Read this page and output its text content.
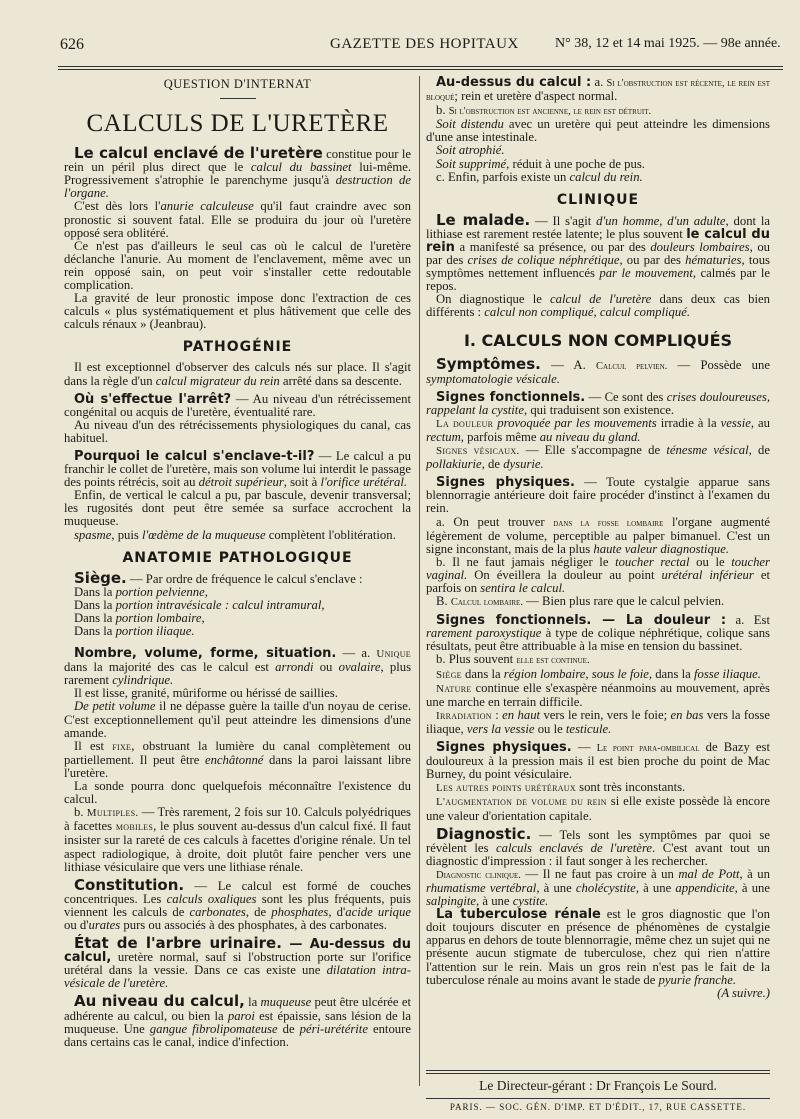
626	GAZETTE DES HOPITAUX	N° 38, 12 et 14 mai 1925. — 98e année.
QUESTION D'INTERNAT
CALCULS DE L'URETÈRE

Le calcul enclavé de l'uretère constitue pour le rein un péril plus direct que le calcul du bassinet lui-même. Progressivement s'atrophie le parenchyme jusqu'à destruction de l'organe.

C'est dès lors l'anurie calculeuse qu'il faut craindre avec son pronostic si souvent fatal. Elle se produira du jour où l'uretère opposé sera oblitéré.

Ce n'est pas d'ailleurs le seul cas où le calcul de l'uretère déclanche l'anurie. Au moment de l'enclavement, même avec un rein opposé sain, on peut voir s'installer cette redoutable complication.

La gravité de leur pronostic impose donc l'extraction de ces calculs « plus systématiquement et plus hâtivement que celle des calculs rénaux » (Jeanbrau).

PATHOGÉNIE

Il est exceptionnel d'observer des calculs nés sur place. Il s'agit dans la règle d'un calcul migrateur du rein arrêté dans sa descente.

Où s'effectue l'arrêt? — Au niveau d'un rétrécissement congénital ou acquis de l'uretère, éventualité rare.

Au niveau d'un des rétrécissements physiologiques du canal, cas habituel.

Pourquoi le calcul s'enclave-t-il? — Le calcul a pu franchir le collet de l'uretère, mais son volume lui interdit le passage des points rétrécis, soit au détroit supérieur, soit à l'orifice urétéral.

Enfin, de vertical le calcul a pu, par bascule, devenir transversal; les rugosités dont peut être semée sa surface accrochent la muqueuse.

spasme, puis l'œdème de la muqueuse complètent l'oblitération.

ANATOMIE PATHOLOGIQUE

Siège. — Par ordre de fréquence le calcul s'enclave :

Dans la portion pelvienne,

Dans la portion intravésicale : calcul intramural,

Dans la portion lombaire,

Dans la portion iliaque.

Nombre, volume, forme, situation. — a. Unique dans la majorité des cas le calcul est arrondi ou ovalaire, plus rarement cylindrique.

Il est lisse, granité, mûriforme ou hérissé de saillies.

De petit volume il ne dépasse guère la taille d'un noyau de cerise. C'est exceptionnellement qu'il peut atteindre les dimensions d'une amande.

Il est fixe, obstruant la lumière du canal complètement ou partiellement. Il peut être enchâtonné dans la paroi laissant libre l'uretère.

La sonde pourra donc quelquefois méconnaître l'existence du calcul.

b. Multiples. — Très rarement, 2 fois sur 10. Calculs polyédriques à facettes mobiles, le plus souvent au-dessus d'un calcul fixé. Il faut insister sur la rareté de ces calculs à facettes d'origine rénale. Un tel aspect radiologique, à droite, doit plutôt faire pencher vers une lithiase vésiculaire que vers une lithiase rénale.

Constitution. — Le calcul est formé de couches concentriques. Les calculs oxaliques sont les plus fréquents, puis viennent les calculs de carbonates, de phosphates, d'acide urique ou d'urates purs ou associés à des phosphates, à des carbonates.

État de l'arbre urinaire. — Au-dessus du calcul, uretère normal, sauf si l'obstruction porte sur l'orifice urétéral dans la vessie. Dans ce cas existe une dilatation intra-vésicale de l'uretère.

Au niveau du calcul, la muqueuse peut être ulcérée et adhérente au calcul, ou bien la paroi est épaissie, sans lésion de la muqueuse. Une gangue fibrolipomateuse de péri-urétérite entoure dans certains cas le canal, indice d'infection.

Au-dessus du calcul : a. Si l'obstruction est récente, le rein est bloqué; rein et uretère d'aspect normal.

b. Si l'obstruction est ancienne, le rein est détruit.

Soit distendu avec un uretère qui peut atteindre les dimensions d'une anse intestinale.

Soit atrophié.

Soit supprimé, réduit à une poche de pus.

c. Enfin, parfois existe un calcul du rein.

CLINIQUE

Le malade. — Il s'agit d'un homme, d'un adulte, dont la lithiase est rarement restée latente; le plus souvent le calcul du rein a manifesté sa présence, ou par des douleurs lombaires, ou par des crises de colique néphrétique, ou par des hématuries, tous symptômes nettement influencés par le mouvement, calmés par le repos.

On diagnostique le calcul de l'uretère dans deux cas bien différents : calcul non compliqué, calcul compliqué.

I. CALCULS NON COMPLIQUÉS

Symptômes. — A. Calcul pelvien. — Possède une symptomatologie vésicale.

Signes fonctionnels. — Ce sont des crises douloureuses, rappelant la cystite, qui traduisent son existence.

La douleur provoquée par les mouvements irradie à la vessie, au rectum, parfois même au niveau du gland.

Signes vésicaux. — Elle s'accompagne de ténesme vésical, de pollakiurie, de dysurie.

Signes physiques. — Toute cystalgie apparue sans blennorragie antérieure doit faire procéder d'instinct à l'examen du rein.

a. On peut trouver dans la fosse lombaire l'organe augmenté légèrement de volume, perceptible au palper bimanuel. C'est un signe inconstant, mais de la plus haute valeur diagnostique.

b. Il ne faut jamais négliger le toucher rectal ou le toucher vaginal. On éveillera la douleur au point urétéral inférieur et parfois on sentira le calcul.

B. Calcul lombaire. — Bien plus rare que le calcul pelvien.

Signes fonctionnels. — La douleur : a. Est rarement paroxystique à type de colique néphrétique, colique sans résultats, peut être attribuable à la mise en tension du bassinet.

b. Plus souvent elle est continue.

Siège dans la région lombaire, sous le foie, dans la fosse iliaque.

Nature continue elle s'exaspère néanmoins au mouvement, après une marche en terrain difficile.

Irradiation : en haut vers le rein, vers le foie; en bas vers la fosse iliaque, vers la vessie ou le testicule.

Signes physiques. — Le point para-ombilical de Bazy est douloureux à la pression mais il est bien proche du point de Mac Burney, du point vésiculaire.

Les autres points urétéraux sont très inconstants.

L'augmentation de volume du rein si elle existe possède là encore une valeur d'orientation capitale.

Diagnostic. — Tels sont les symptômes par quoi se révèlent les calculs enclavés de l'uretère. C'est avant tout un diagnostic d'impression : il faut songer à les rechercher.

Diagnostic clinique. — Il ne faut pas croire à un mal de Pott, à un rhumatisme vertébral, à une cholécystite, à une appendicite, à une salpingite, à une cystite.

La tuberculose rénale est le gros diagnostic que l'on doit toujours discuter en présence de phénomènes de cystalgie apparus en dehors de toute blennorragie, même chez un sujet qui ne présente aucun stigmate de tuberculose, chez qui rien n'attire l'attention sur le rein. Mais un gros rein n'est pas le fait de la tuberculose rénale au moins avant le stade de pyurie franche.

(A suivre.)

Le Directeur-gérant : Dr François Le Sourd.
PARIS. — SOC. GÉN. D'IMP. ET D'ÉDIT., 17, RUE CASSETTE.
